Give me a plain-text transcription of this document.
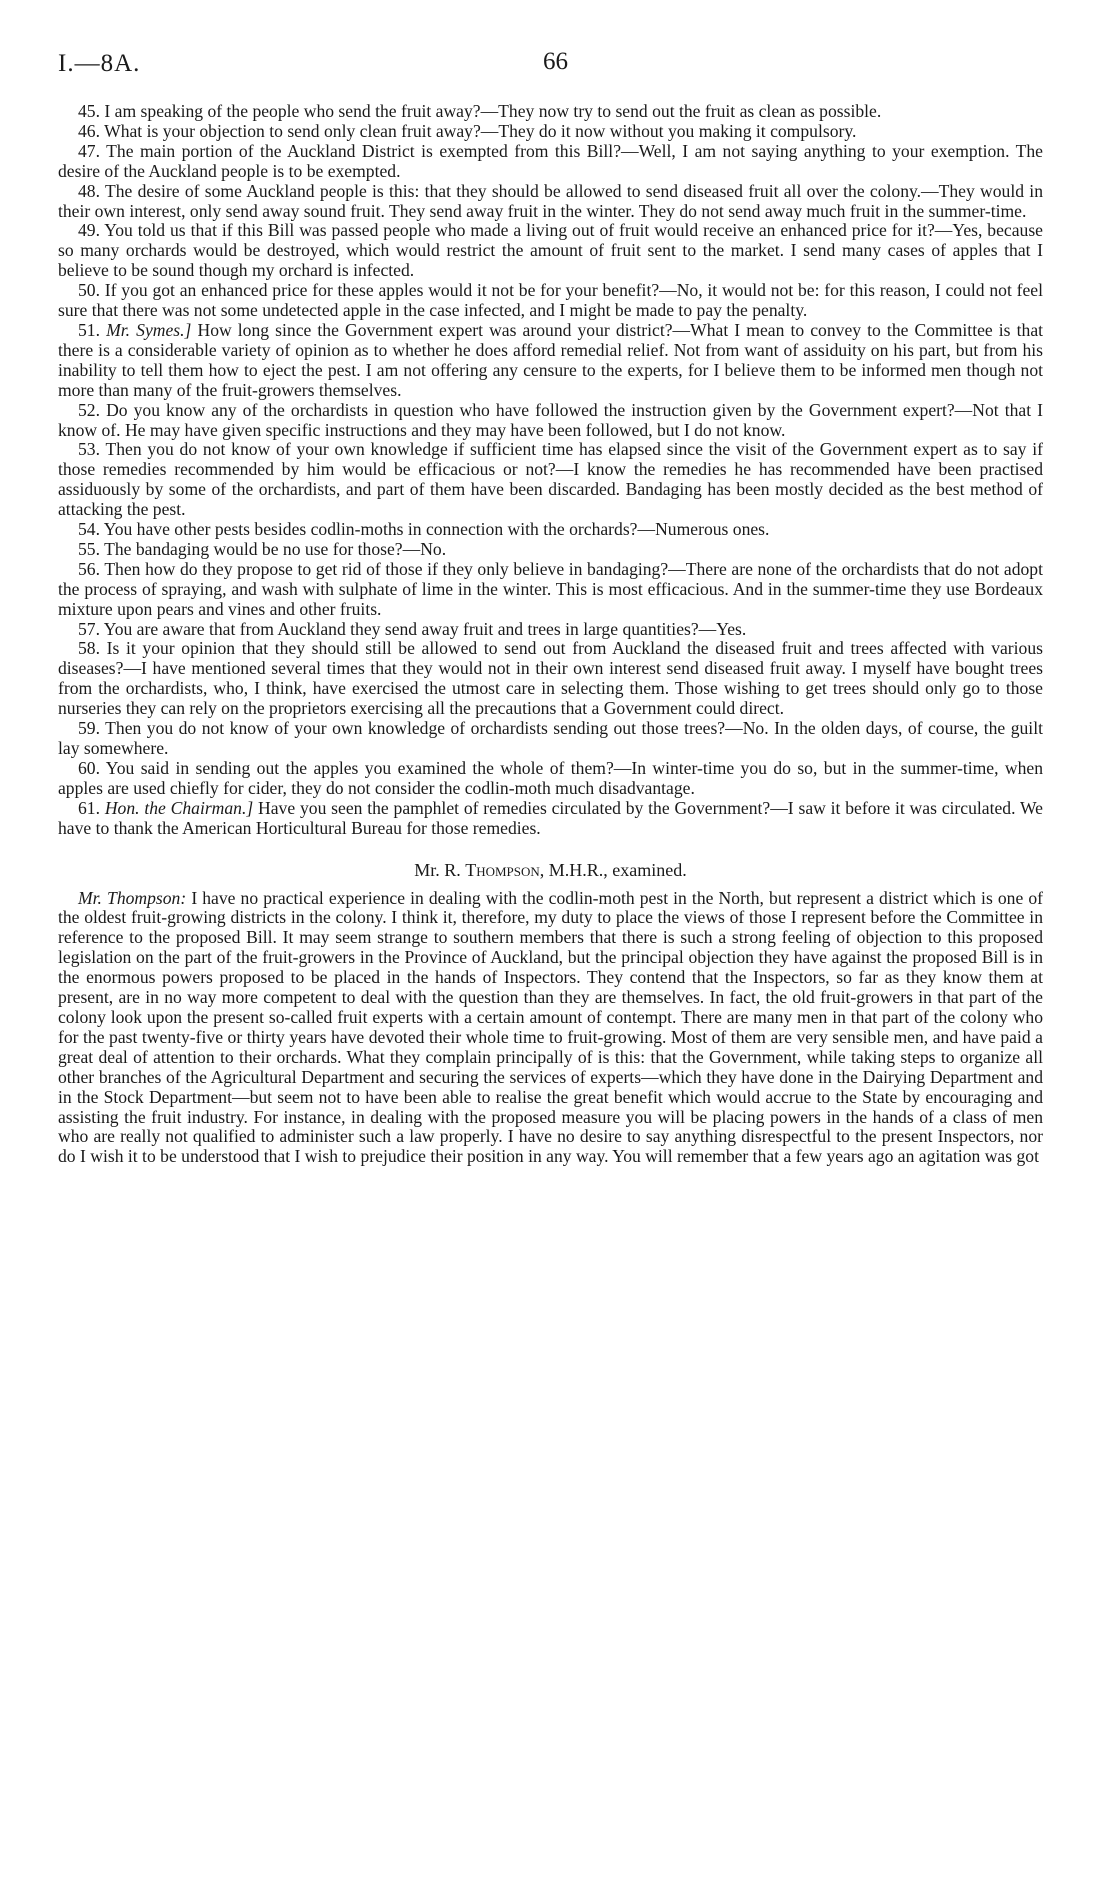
I.—8A.	66

45. I am speaking of the people who send the fruit away?—They now try to send out the fruit as clean as possible.

46. What is your objection to send only clean fruit away?—They do it now without you making it compulsory.

47. The main portion of the Auckland District is exempted from this Bill?—Well, I am not saying anything to your exemption. The desire of the Auckland people is to be exempted.

48. The desire of some Auckland people is this: that they should be allowed to send diseased fruit all over the colony.—They would in their own interest, only send away sound fruit. They send away fruit in the winter. They do not send away much fruit in the summer-time.

49. You told us that if this Bill was passed people who made a living out of fruit would receive an enhanced price for it?—Yes, because so many orchards would be destroyed, which would restrict the amount of fruit sent to the market. I send many cases of apples that I believe to be sound though my orchard is infected.

50. If you got an enhanced price for these apples would it not be for your benefit?—No, it would not be: for this reason, I could not feel sure that there was not some undetected apple in the case infected, and I might be made to pay the penalty.

51. Mr. Symes.] How long since the Government expert was around your district?—What I mean to convey to the Committee is that there is a considerable variety of opinion as to whether he does afford remedial relief. Not from want of assiduity on his part, but from his inability to tell them how to eject the pest. I am not offering any censure to the experts, for I believe them to be informed men though not more than many of the fruit-growers themselves.

52. Do you know any of the orchardists in question who have followed the instruction given by the Government expert?—Not that I know of. He may have given specific instructions and they may have been followed, but I do not know.

53. Then you do not know of your own knowledge if sufficient time has elapsed since the visit of the Government expert as to say if those remedies recommended by him would be efficacious or not?—I know the remedies he has recommended have been practised assiduously by some of the orchardists, and part of them have been discarded. Bandaging has been mostly decided as the best method of attacking the pest.

54. You have other pests besides codlin-moths in connection with the orchards?—Numerous ones.

55. The bandaging would be no use for those?—No.

56. Then how do they propose to get rid of those if they only believe in bandaging?—There are none of the orchardists that do not adopt the process of spraying, and wash with sulphate of lime in the winter. This is most efficacious. And in the summer-time they use Bordeaux mixture upon pears and vines and other fruits.

57. You are aware that from Auckland they send away fruit and trees in large quantities?—Yes.

58. Is it your opinion that they should still be allowed to send out from Auckland the diseased fruit and trees affected with various diseases?—I have mentioned several times that they would not in their own interest send diseased fruit away. I myself have bought trees from the orchardists, who, I think, have exercised the utmost care in selecting them. Those wishing to get trees should only go to those nurseries they can rely on the proprietors exercising all the precautions that a Government could direct.

59. Then you do not know of your own knowledge of orchardists sending out those trees?—No. In the olden days, of course, the guilt lay somewhere.

60. You said in sending out the apples you examined the whole of them?—In winter-time you do so, but in the summer-time, when apples are used chiefly for cider, they do not consider the codlin-moth much disadvantage.

61. Hon. the Chairman.] Have you seen the pamphlet of remedies circulated by the Government?—I saw it before it was circulated. We have to thank the American Horticultural Bureau for those remedies.

Mr. R. Thompson, M.H.R., examined.

Mr. Thompson: I have no practical experience in dealing with the codlin-moth pest in the North, but represent a district which is one of the oldest fruit-growing districts in the colony. I think it, therefore, my duty to place the views of those I represent before the Committee in reference to the proposed Bill. It may seem strange to southern members that there is such a strong feeling of objection to this proposed legislation on the part of the fruit-growers in the Province of Auckland, but the principal objection they have against the proposed Bill is in the enormous powers proposed to be placed in the hands of Inspectors. They contend that the Inspectors, so far as they know them at present, are in no way more competent to deal with the question than they are themselves. In fact, the old fruit-growers in that part of the colony look upon the present so-called fruit experts with a certain amount of contempt. There are many men in that part of the colony who for the past twenty-five or thirty years have devoted their whole time to fruit-growing. Most of them are very sensible men, and have paid a great deal of attention to their orchards. What they complain principally of is this: that the Government, while taking steps to organize all other branches of the Agricultural Department and securing the services of experts—which they have done in the Dairying Department and in the Stock Department—but seem not to have been able to realise the great benefit which would accrue to the State by encouraging and assisting the fruit industry. For instance, in dealing with the proposed measure you will be placing powers in the hands of a class of men who are really not qualified to administer such a law properly. I have no desire to say anything disrespectful to the present Inspectors, nor do I wish it to be understood that I wish to prejudice their position in any way. You will remember that a few years ago an agitation was got
